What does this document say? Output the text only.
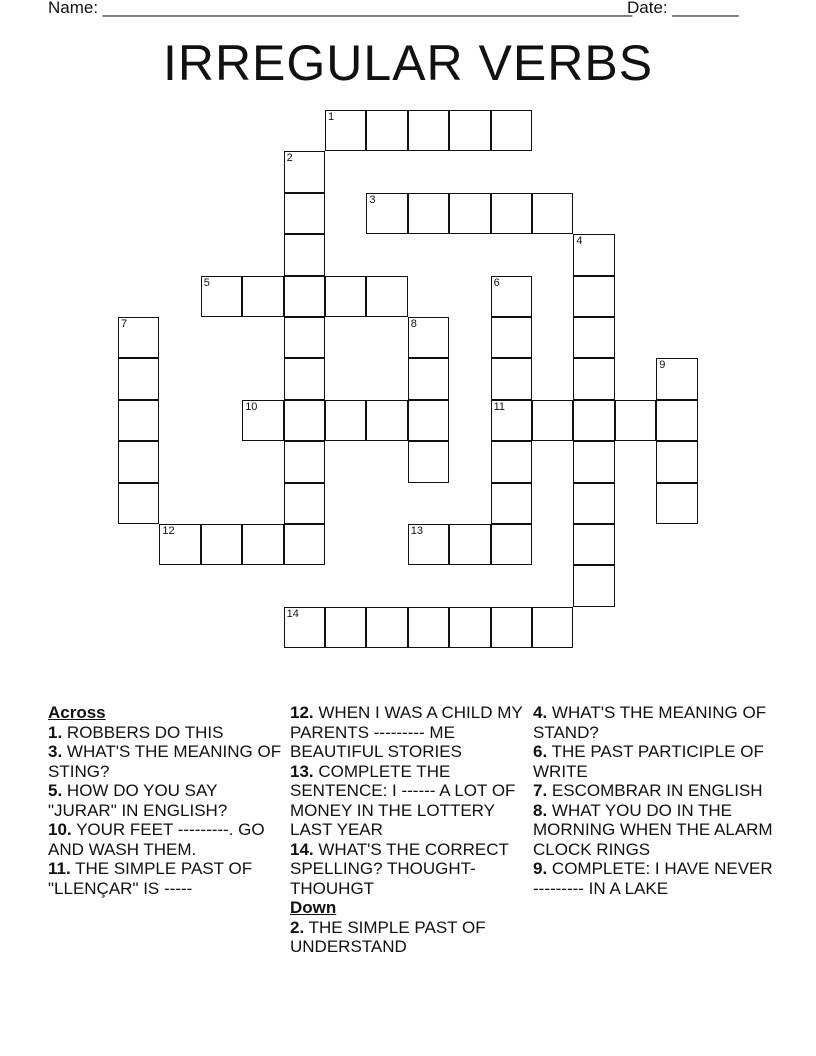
Name: ________________________________________________________
Date: _______
IRREGULAR VERBS
1
2
3
4
5	6
11
7	8
9
10
12	13
14
Across
1. ROBBERS DO THIS
3. WHAT'S THE MEANING OF STING?
5. HOW DO YOU SAY "JURAR" IN ENGLISH?
10. YOUR FEET ---------. GO AND WASH THEM.
11. THE SIMPLE PAST OF "LLENÇAR" IS -----
12. WHEN I WAS A CHILD MY PARENTS --------- ME BEAUTIFUL STORIES
13. COMPLETE THE SENTENCE: I ------ A LOT OF MONEY IN THE LOTTERY LAST YEAR
14. WHAT'S THE CORRECT SPELLING? THOUGHT- THOUHGT
Down
2. THE SIMPLE PAST OF UNDERSTAND
4. WHAT'S THE MEANING OF STAND?
6. THE PAST PARTICIPLE OF WRITE
7. ESCOMBRAR IN ENGLISH
8. WHAT YOU DO IN THE MORNING WHEN THE ALARM CLOCK RINGS
9. COMPLETE: I HAVE NEVER --------- IN A LAKE
